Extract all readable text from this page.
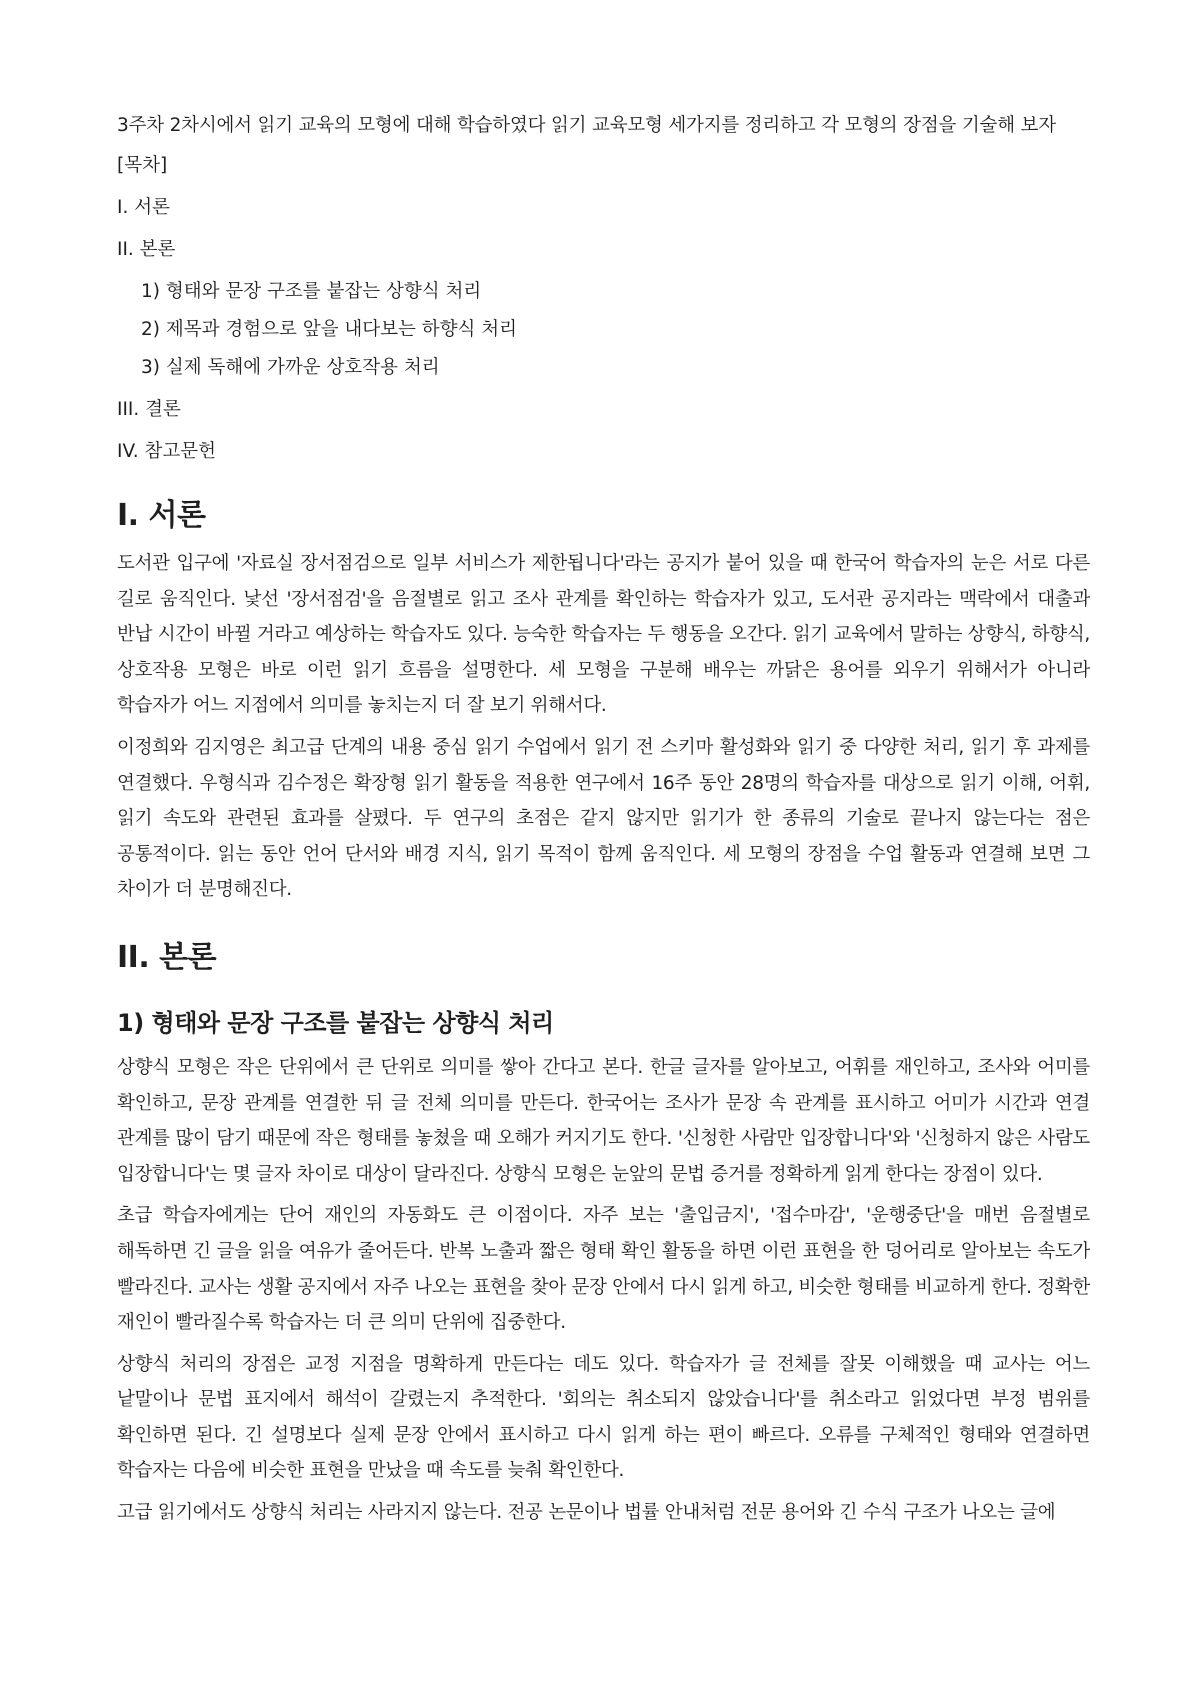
3주차 2차시에서 읽기 교육의 모형에 대해 학습하였다 읽기 교육모형 세가지를 정리하고 각 모형의 장점을 기술해 보자

[목차]

I. 서론
II. 본론
1) 형태와 문장 구조를 붙잡는 상향식 처리
2) 제목과 경험으로 앞을 내다보는 하향식 처리
3) 실제 독해에 가까운 상호작용 처리
III. 결론
IV. 참고문헌
I. 서론

도서관 입구에 '자료실 장서점검으로 일부 서비스가 제한됩니다'라는 공지가 붙어 있을 때 한국어 학습자의 눈은 서로 다른 길로 움직인다. 낯선 '장서점검'을 음절별로 읽고 조사 관계를 확인하는 학습자가 있고, 도서관 공지라는 맥락에서 대출과 반납 시간이 바뀔 거라고 예상하는 학습자도 있다. 능숙한 학습자는 두 행동을 오간다. 읽기 교육에서 말하는 상향식, 하향식, 상호작용 모형은 바로 이런 읽기 흐름을 설명한다. 세 모형을 구분해 배우는 까닭은 용어를 외우기 위해서가 아니라 학습자가 어느 지점에서 의미를 놓치는지 더 잘 보기 위해서다.

이정희와 김지영은 최고급 단계의 내용 중심 읽기 수업에서 읽기 전 스키마 활성화와 읽기 중 다양한 처리, 읽기 후 과제를 연결했다. 우형식과 김수정은 확장형 읽기 활동을 적용한 연구에서 16주 동안 28명의 학습자를 대상으로 읽기 이해, 어휘, 읽기 속도와 관련된 효과를 살폈다. 두 연구의 초점은 같지 않지만 읽기가 한 종류의 기술로 끝나지 않는다는 점은 공통적이다. 읽는 동안 언어 단서와 배경 지식, 읽기 목적이 함께 움직인다. 세 모형의 장점을 수업 활동과 연결해 보면 그 차이가 더 분명해진다.

II. 본론
1) 형태와 문장 구조를 붙잡는 상향식 처리

상향식 모형은 작은 단위에서 큰 단위로 의미를 쌓아 간다고 본다. 한글 글자를 알아보고, 어휘를 재인하고, 조사와 어미를 확인하고, 문장 관계를 연결한 뒤 글 전체 의미를 만든다. 한국어는 조사가 문장 속 관계를 표시하고 어미가 시간과 연결 관계를 많이 담기 때문에 작은 형태를 놓쳤을 때 오해가 커지기도 한다. '신청한 사람만 입장합니다'와 '신청하지 않은 사람도 입장합니다'는 몇 글자 차이로 대상이 달라진다. 상향식 모형은 눈앞의 문법 증거를 정확하게 읽게 한다는 장점이 있다.

초급 학습자에게는 단어 재인의 자동화도 큰 이점이다. 자주 보는 '출입금지', '접수마감', '운행중단'을 매번 음절별로 해독하면 긴 글을 읽을 여유가 줄어든다. 반복 노출과 짧은 형태 확인 활동을 하면 이런 표현을 한 덩어리로 알아보는 속도가 빨라진다. 교사는 생활 공지에서 자주 나오는 표현을 찾아 문장 안에서 다시 읽게 하고, 비슷한 형태를 비교하게 한다. 정확한 재인이 빨라질수록 학습자는 더 큰 의미 단위에 집중한다.

상향식 처리의 장점은 교정 지점을 명확하게 만든다는 데도 있다. 학습자가 글 전체를 잘못 이해했을 때 교사는 어느 낱말이나 문법 표지에서 해석이 갈렸는지 추적한다. '회의는 취소되지 않았습니다'를 취소라고 읽었다면 부정 범위를 확인하면 된다. 긴 설명보다 실제 문장 안에서 표시하고 다시 읽게 하는 편이 빠르다. 오류를 구체적인 형태와 연결하면 학습자는 다음에 비슷한 표현을 만났을 때 속도를 늦춰 확인한다.

고급 읽기에서도 상향식 처리는 사라지지 않는다. 전공 논문이나 법률 안내처럼 전문 용어와 긴 수식 구조가 나오는 글에
